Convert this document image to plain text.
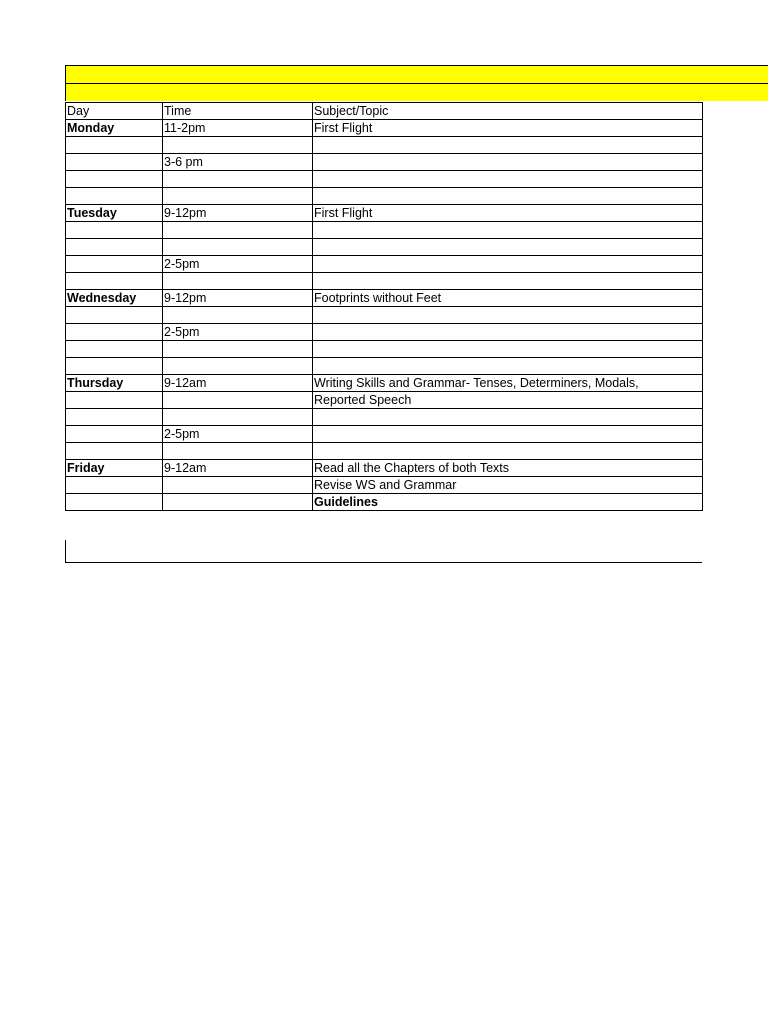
Day	Time	Subject/Topic
Monday	11-2pm	First Flight

	3-6 pm	

Tuesday	9-12pm	First Flight

	2-5pm	

Wednesday	9-12pm	Footprints without Feet

	2-5pm	

Thursday	9-12am	Writing Skills and Grammar- Tenses, Determiners, Modals,
		Reported Speech

	2-5pm	

Friday	9-12am	Read all the Chapters of both Texts
		Revise WS and Grammar
		Guidelines
